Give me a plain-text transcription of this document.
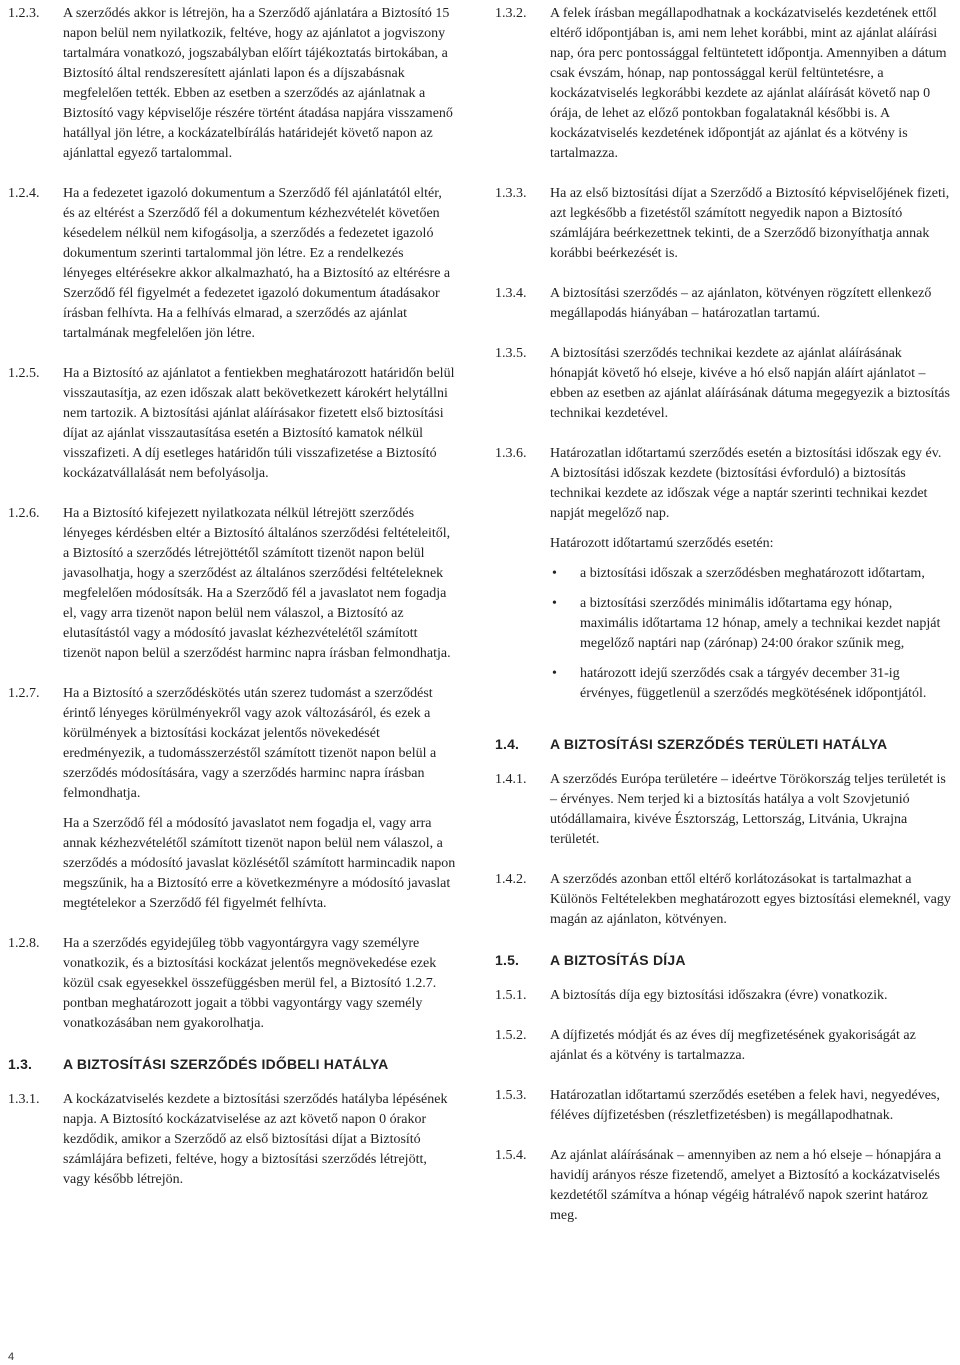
1.2.3.	A szerződés akkor is létrejön, ha a Szerződő ajánlatára a Biztosító 15 napon belül nem nyilatkozik, feltéve, hogy az ajánlatot a jogviszony tartalmára vonatkozó, jogszabályban előírt tájékoztatás birtokában, a Biztosító által rendszeresített ajánlati lapon és a díjszabásnak megfelelően tették. Ebben az esetben a szerződés az ajánlatnak a Biztosító vagy képviselője részére történt átadása napjára visszamenő hatállyal jön létre, a kockázatelbírálás határidejét követő napon az ajánlattal egyező tartalommal.
1.2.4.	Ha a fedezetet igazoló dokumentum a Szerződő fél ajánlatától eltér, és az eltérést a Szerződő fél a dokumentum kézhezvételét követően késedelem nélkül nem kifogásolja, a szerződés a fedezetet igazoló dokumentum szerinti tartalommal jön létre. Ez a rendelkezés lényeges eltérésekre akkor alkalmazható, ha a Biztosító az eltérésre a Szerződő fél figyelmét a fedezetet igazoló dokumentum átadásakor írásban felhívta. Ha a felhívás elmarad, a szerződés az ajánlat tartalmának megfelelően jön létre.
1.2.5.	Ha a Biztosító az ajánlatot a fentiekben meghatározott határidőn belül visszautasítja, az ezen időszak alatt bekövetkezett károkért helytállni nem tartozik. A biztosítási ajánlat aláírásakor fizetett első biztosítási díjat az ajánlat visszautasítása esetén a Biztosító kamatok nélkül visszafizeti. A díj esetleges határidőn túli visszafizetése a Biztosító kockázatvállalását nem befolyásolja.
1.2.6.	Ha a Biztosító kifejezett nyilatkozata nélkül létrejött szerződés lényeges kérdésben eltér a Biztosító általános szerződési feltételeitől, a Biztosító a szerződés létrejöttétől számított tizenöt napon belül javasolhatja, hogy a szerződést az általános szerződési feltételeknek megfelelően módosítsák. Ha a Szerződő fél a javaslatot nem fogadja el, vagy arra tizenöt napon belül nem válaszol, a Biztosító az elutasítástól vagy a módosító javaslat kézhezvételétől számított tizenöt napon belül a szerződést harminc napra írásban felmondhatja.
1.2.7.	Ha a Biztosító a szerződéskötés után szerez tudomást a szerződést érintő lényeges körülményekről vagy azok változásáról, és ezek a körülmények a biztosítási kockázat jelentős növekedését eredményezik, a tudomásszerzéstől számított tizenöt napon belül a szerződés módosítására, vagy a szerződés harminc napra írásban felmondhatja.

Ha a Szerződő fél a módosító javaslatot nem fogadja el, vagy arra annak kézhezvételétől számított tizenöt napon belül nem válaszol, a szerződés a módosító javaslat közlésétől számított harmincadik napon megszűnik, ha a Biztosító erre a következményre a módosító javaslat megtételekor a Szerződő fél figyelmét felhívta.

1.2.8.	Ha a szerződés egyidejűleg több vagyontárgyra vagy személyre vonatkozik, és a biztosítási kockázat jelentős megnövekedése ezek közül csak egyesekkel összefüggésben merül fel, a Biztosító 1.2.7. pontban meghatározott jogait a többi vagyontárgy vagy személy vonatkozásában nem gyakorolhatja.
1.3.	A BIZTOSÍTÁSI SZERZŐDÉS IDŐBELI HATÁLYA
1.3.1.	A kockázatviselés kezdete a biztosítási szerződés hatályba lépésének napja. A Biztosító kockázatviselése az azt követő napon 0 órakor kezdődik, amikor a Szerződő az első biztosítási díjat a Biztosító számlájára befizeti, feltéve, hogy a biztosítási szerződés létrejött, vagy később létrejön.
1.3.2.	A felek írásban megállapodhatnak a kockázatviselés kezdetének ettől eltérő időpontjában is, ami nem lehet korábbi, mint az ajánlat aláírási nap, óra perc pontossággal feltüntetett időpontja. Amennyiben a dátum csak évszám, hónap, nap pontossággal kerül feltüntetésre, a kockázatviselés legkorábbi kezdete az ajánlat aláírását követő nap 0 órája, de lehet az előző pontokban fogalataknál későbbi is. A kockázatviselés kezdetének időpontját az ajánlat és a kötvény is tartalmazza.
1.3.3.	Ha az első biztosítási díjat a Szerződő a Biztosító képviselőjének fizeti, azt legkésőbb a fizetéstől számított negyedik napon a Biztosító számlájára beérkezettnek tekinti, de a Szerződő bizonyíthatja annak korábbi beérkezését is.
1.3.4.	A biztosítási szerződés – az ajánlaton, kötvényen rögzített ellenkező megállapodás hiányában – határozatlan tartamú.
1.3.5.	A biztosítási szerződés technikai kezdete az ajánlat aláírásának hónapját követő hó elseje, kivéve a hó első napján aláírt ajánlatot – ebben az esetben az ajánlat aláírásának dátuma megegyezik a biztosítás technikai kezdetével.
1.3.6.	Határozatlan időtartamú szerződés esetén a biztosítási időszak egy év. A biztosítási időszak kezdete (biztosítási évforduló) a biztosítás technikai kezdete az időszak vége a naptár szerinti technikai kezdet napját megelőző nap.

Határozott időtartamú szerződés esetén:

• a biztosítási időszak a szerződésben meghatározott időtartam,
• a biztosítási szerződés minimális időtartama egy hónap, maximális időtartama 12 hónap, amely a technikai kezdet napját megelőző naptári nap (zárónap) 24:00 órakor szűnik meg,
• határozott idejű szerződés csak a tárgyév december 31-ig érvényes, függetlenül a szerződés megkötésének időpontjától.
1.4.	A BIZTOSÍTÁSI SZERZŐDÉS TERÜLETI HATÁLYA
1.4.1.	A szerződés Európa területére – ideértve Törökország teljes területét is – érvényes. Nem terjed ki a biztosítás hatálya a volt Szovjetunió utódállamaira, kivéve Észtország, Lettország, Litvánia, Ukrajna területét.
1.4.2.	A szerződés azonban ettől eltérő korlátozásokat is tartalmazhat a Különös Feltételekben meghatározott egyes biztosítási elemeknél, vagy magán az ajánlaton, kötvényen.
1.5.	A BIZTOSÍTÁS DÍJA
1.5.1.	A biztosítás díja egy biztosítási időszakra (évre) vonatkozik.
1.5.2.	A díjfizetés módját és az éves díj megfizetésének gyakoriságát az ajánlat és a kötvény is tartalmazza.
1.5.3.	Határozatlan időtartamú szerződés esetében a felek havi, negyedéves, féléves díjfizetésben (részletfizetésben) is megállapodhatnak.
1.5.4.	Az ajánlat aláírásának – amennyiben az nem a hó elseje – hónapjára a havidíj arányos része fizetendő, amelyet a Biztosító a kockázatviselés kezdetétől számítva a hónap végéig hátralévő napok szerint határoz meg.
4
